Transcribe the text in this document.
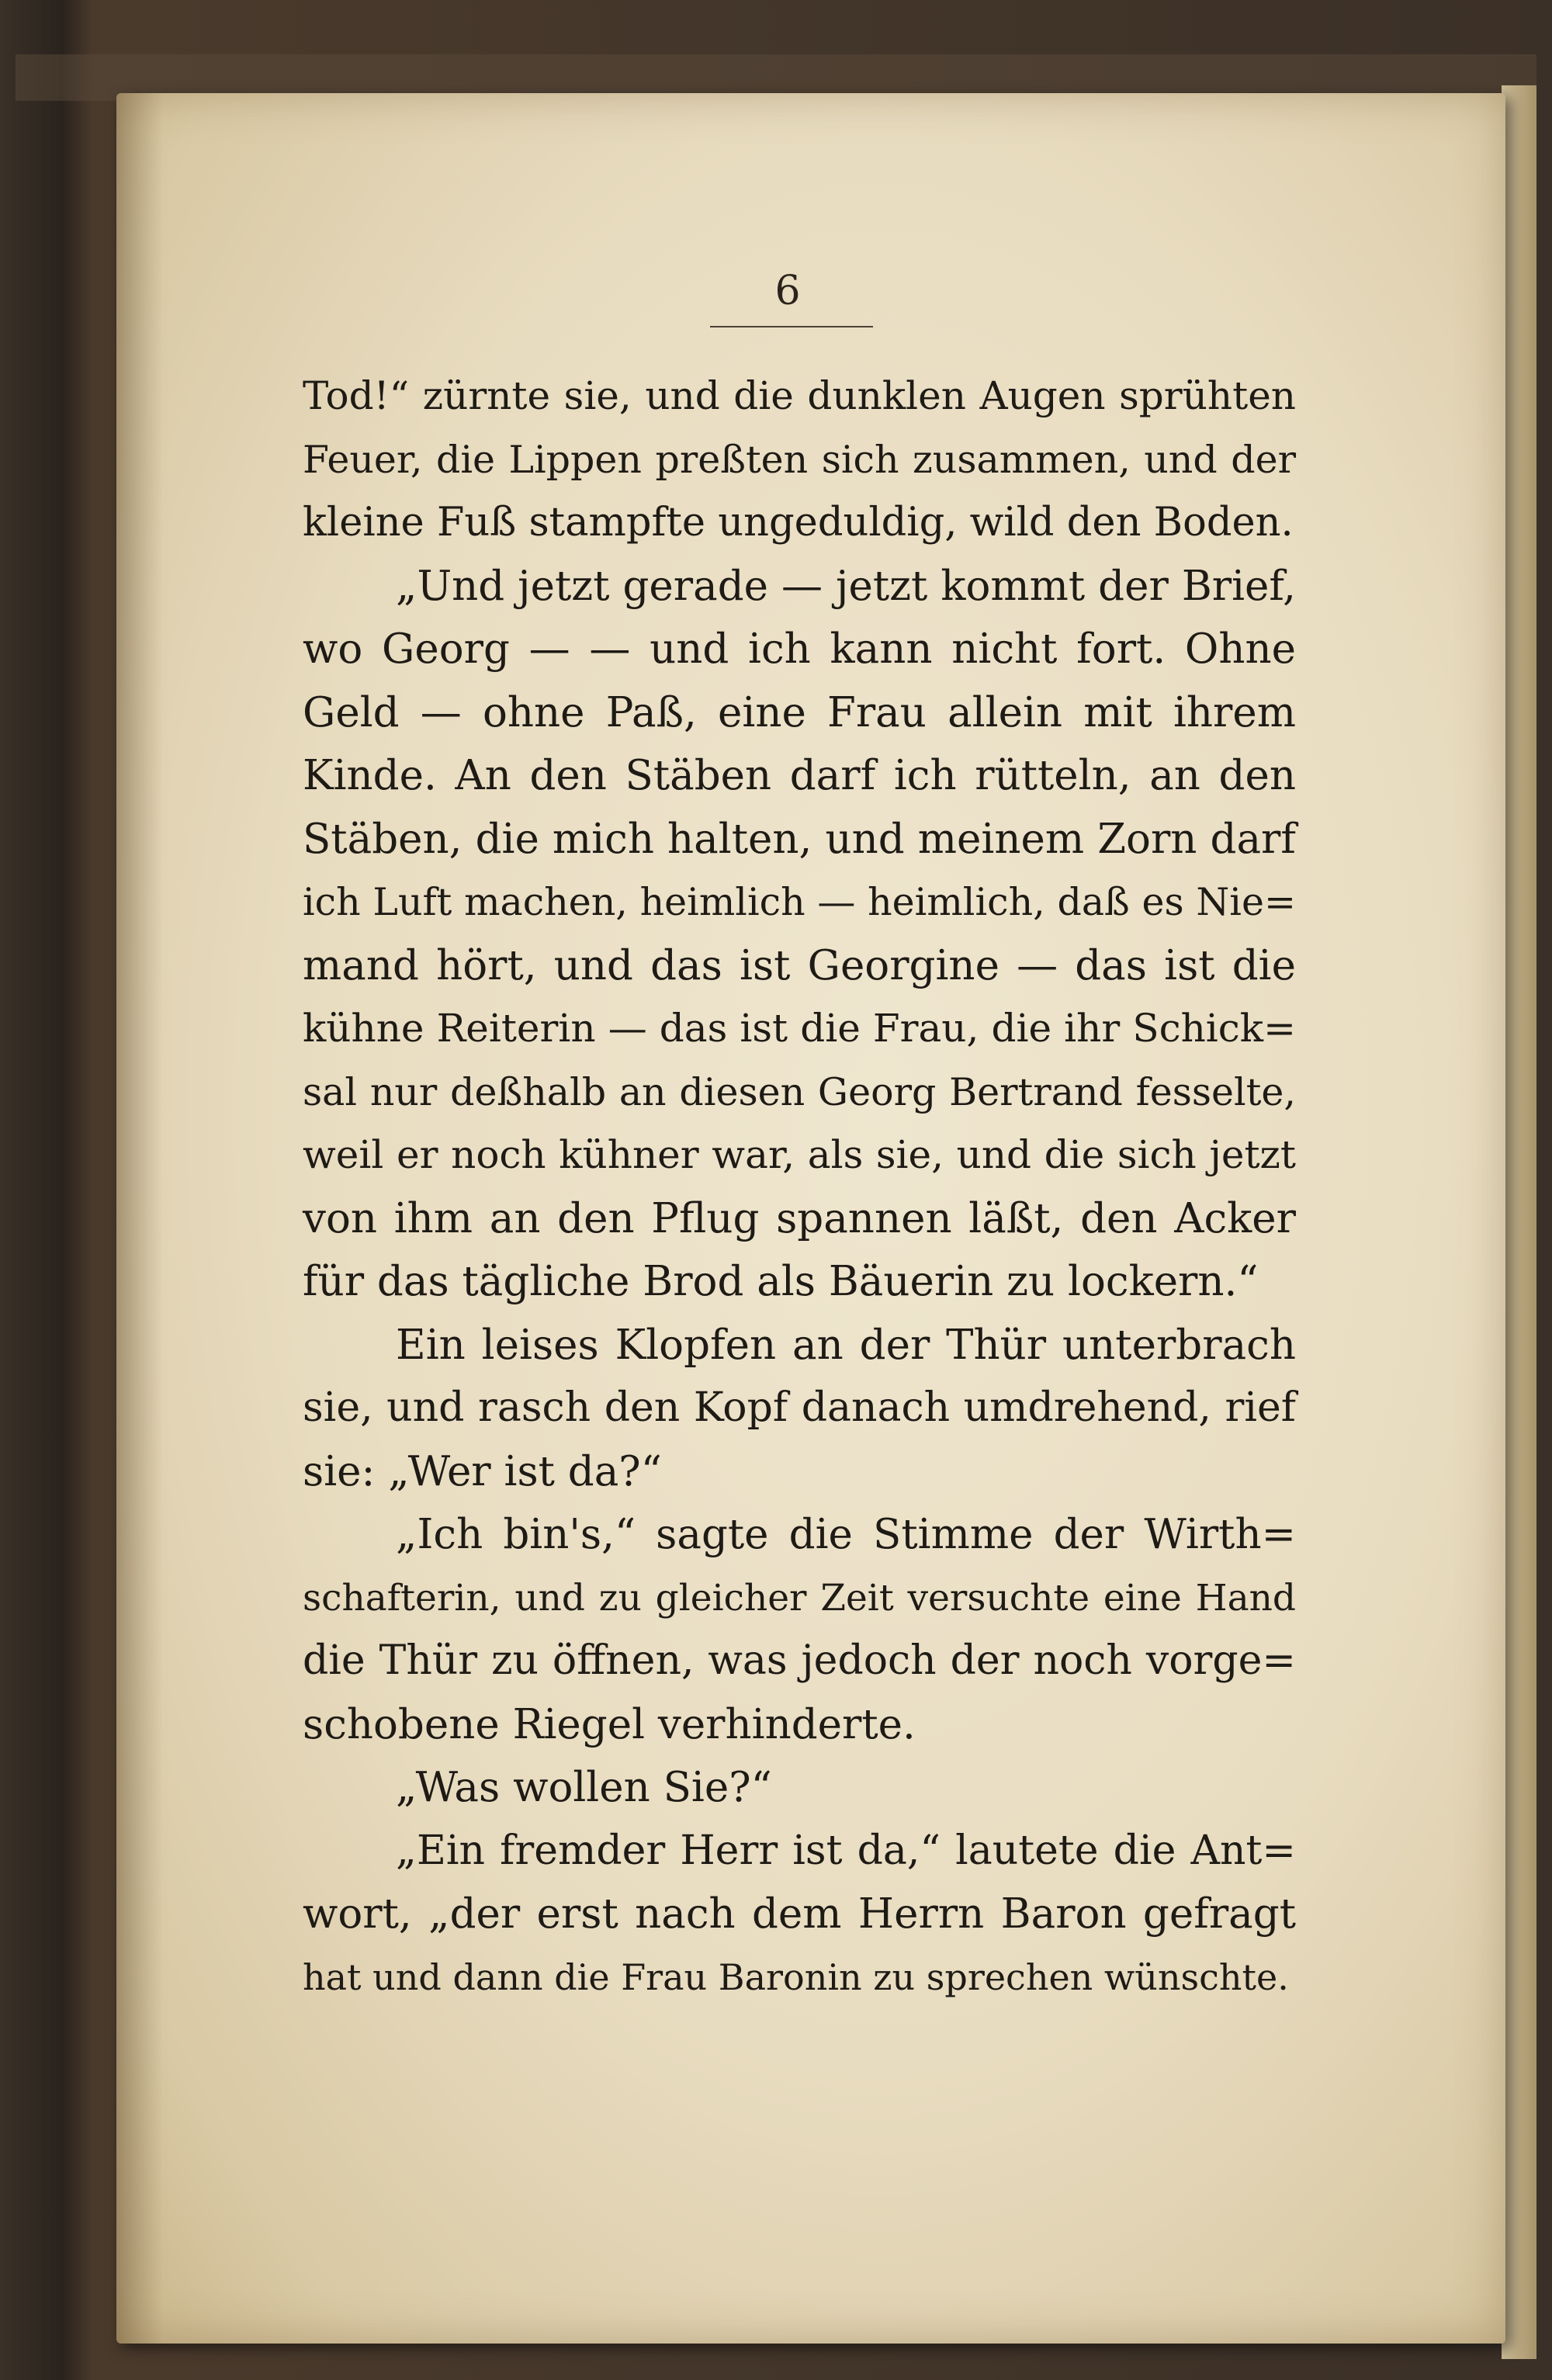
6
Tod!“ zürnte sie, und die dunklen Augen sprühten
Feuer, die Lippen preßten sich zusammen, und der
kleine Fuß stampfte ungeduldig, wild den Boden.
„Und jetzt gerade — jetzt kommt der Brief,
wo Georg — — und ich kann nicht fort. Ohne
Geld — ohne Paß, eine Frau allein mit ihrem
Kinde. An den Stäben darf ich rütteln, an den
Stäben, die mich halten, und meinem Zorn darf
ich Luft machen, heimlich — heimlich, daß es Nie=
mand hört, und das ist Georgine — das ist die
kühne Reiterin — das ist die Frau, die ihr Schick=
sal nur deßhalb an diesen Georg Bertrand fesselte,
weil er noch kühner war, als sie, und die sich jetzt
von ihm an den Pflug spannen läßt, den Acker
für das tägliche Brod als Bäuerin zu lockern.“
Ein leises Klopfen an der Thür unterbrach
sie, und rasch den Kopf danach umdrehend, rief
sie: „Wer ist da?“
„Ich bin's,“ sagte die Stimme der Wirth=
schafterin, und zu gleicher Zeit versuchte eine Hand
die Thür zu öffnen, was jedoch der noch vorge=
schobene Riegel verhinderte.
„Was wollen Sie?“
„Ein fremder Herr ist da,“ lautete die Ant=
wort, „der erst nach dem Herrn Baron gefragt
hat und dann die Frau Baronin zu sprechen wünschte.
